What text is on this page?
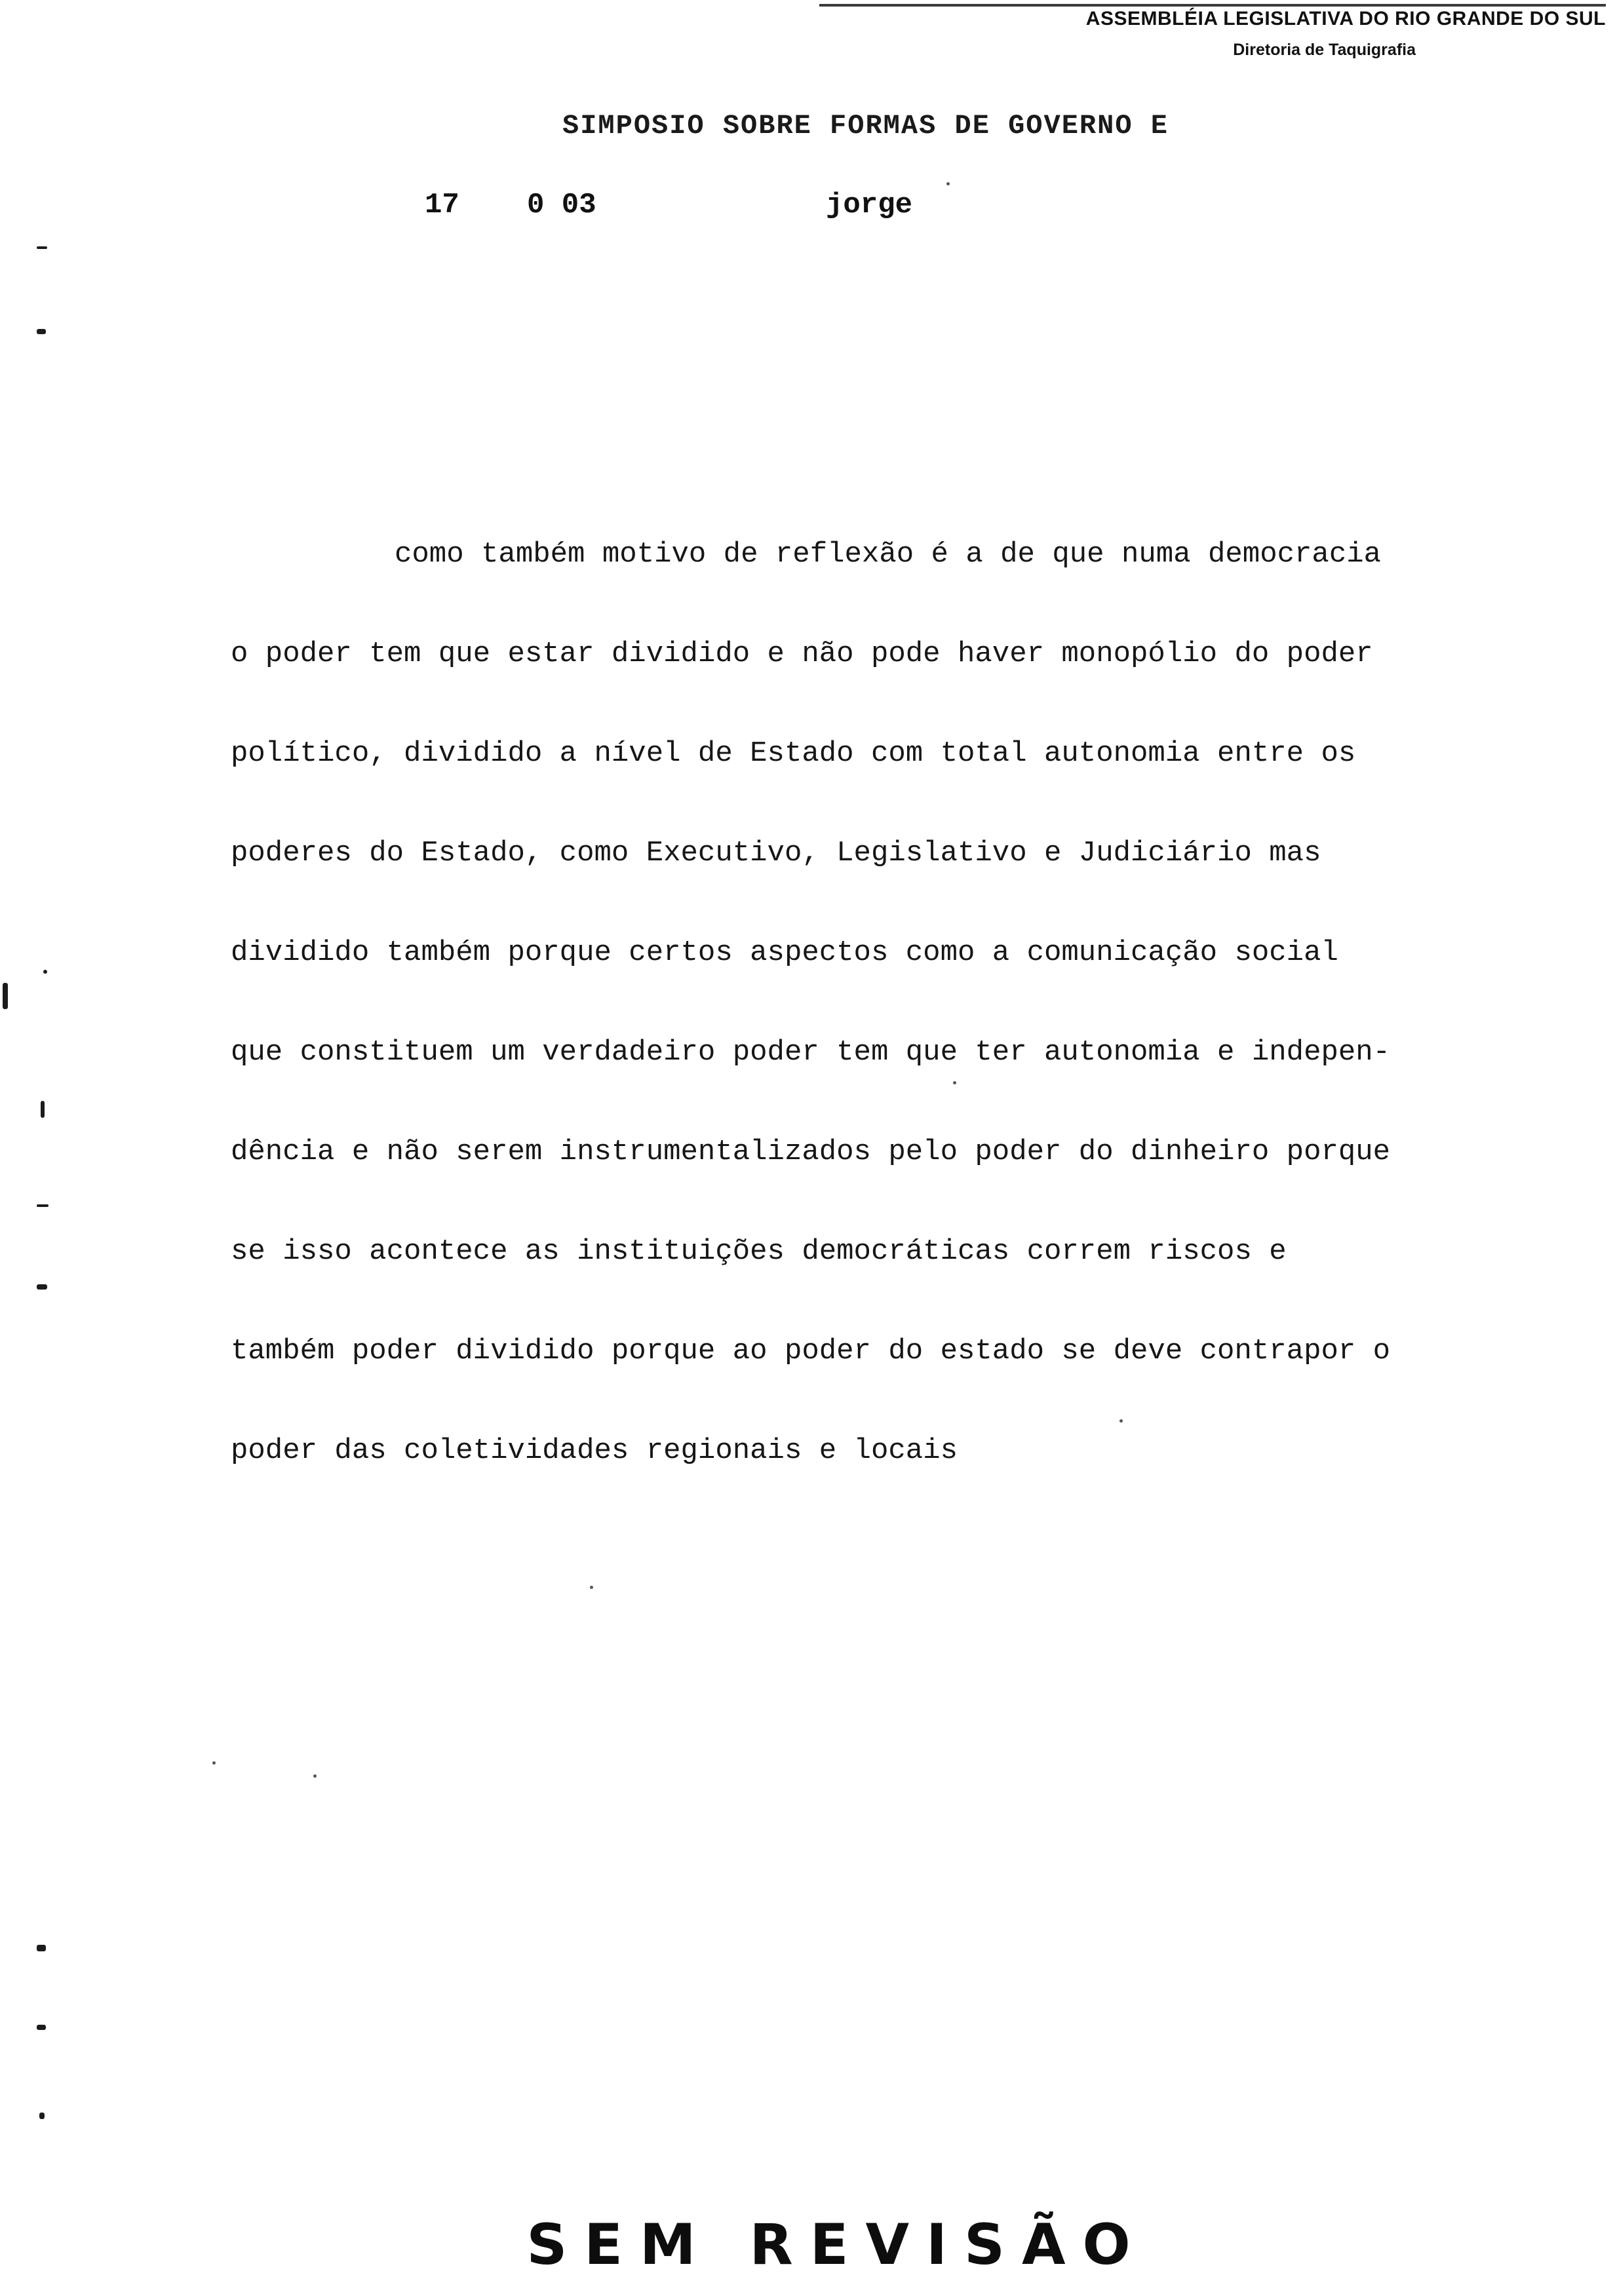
ASSEMBLÉIA LEGISLATIVA DO RIO GRANDE DO SUL
Diretoria de Taquigrafia
SIMPOSIO SOBRE FORMAS DE GOVERNO E
17 0 03	jorge
como também motivo de reflexão é a de que numa democracia
o poder tem que estar dividido e não pode haver monopólio do poder
político, dividido a nível de Estado com total autonomia entre os
poderes do Estado, como Executivo, Legislativo e Judiciário mas
dividido também porque certos aspectos como a comunicação social
que constituem um verdadeiro poder tem que ter autonomia e indepen-
dência e não serem instrumentalizados pelo poder do dinheiro porque
se isso acontece as instituições democráticas correm riscos e
também poder dividido porque ao poder do estado se deve contrapor o
poder das coletividades regionais e locais
SEM REVISÃO
